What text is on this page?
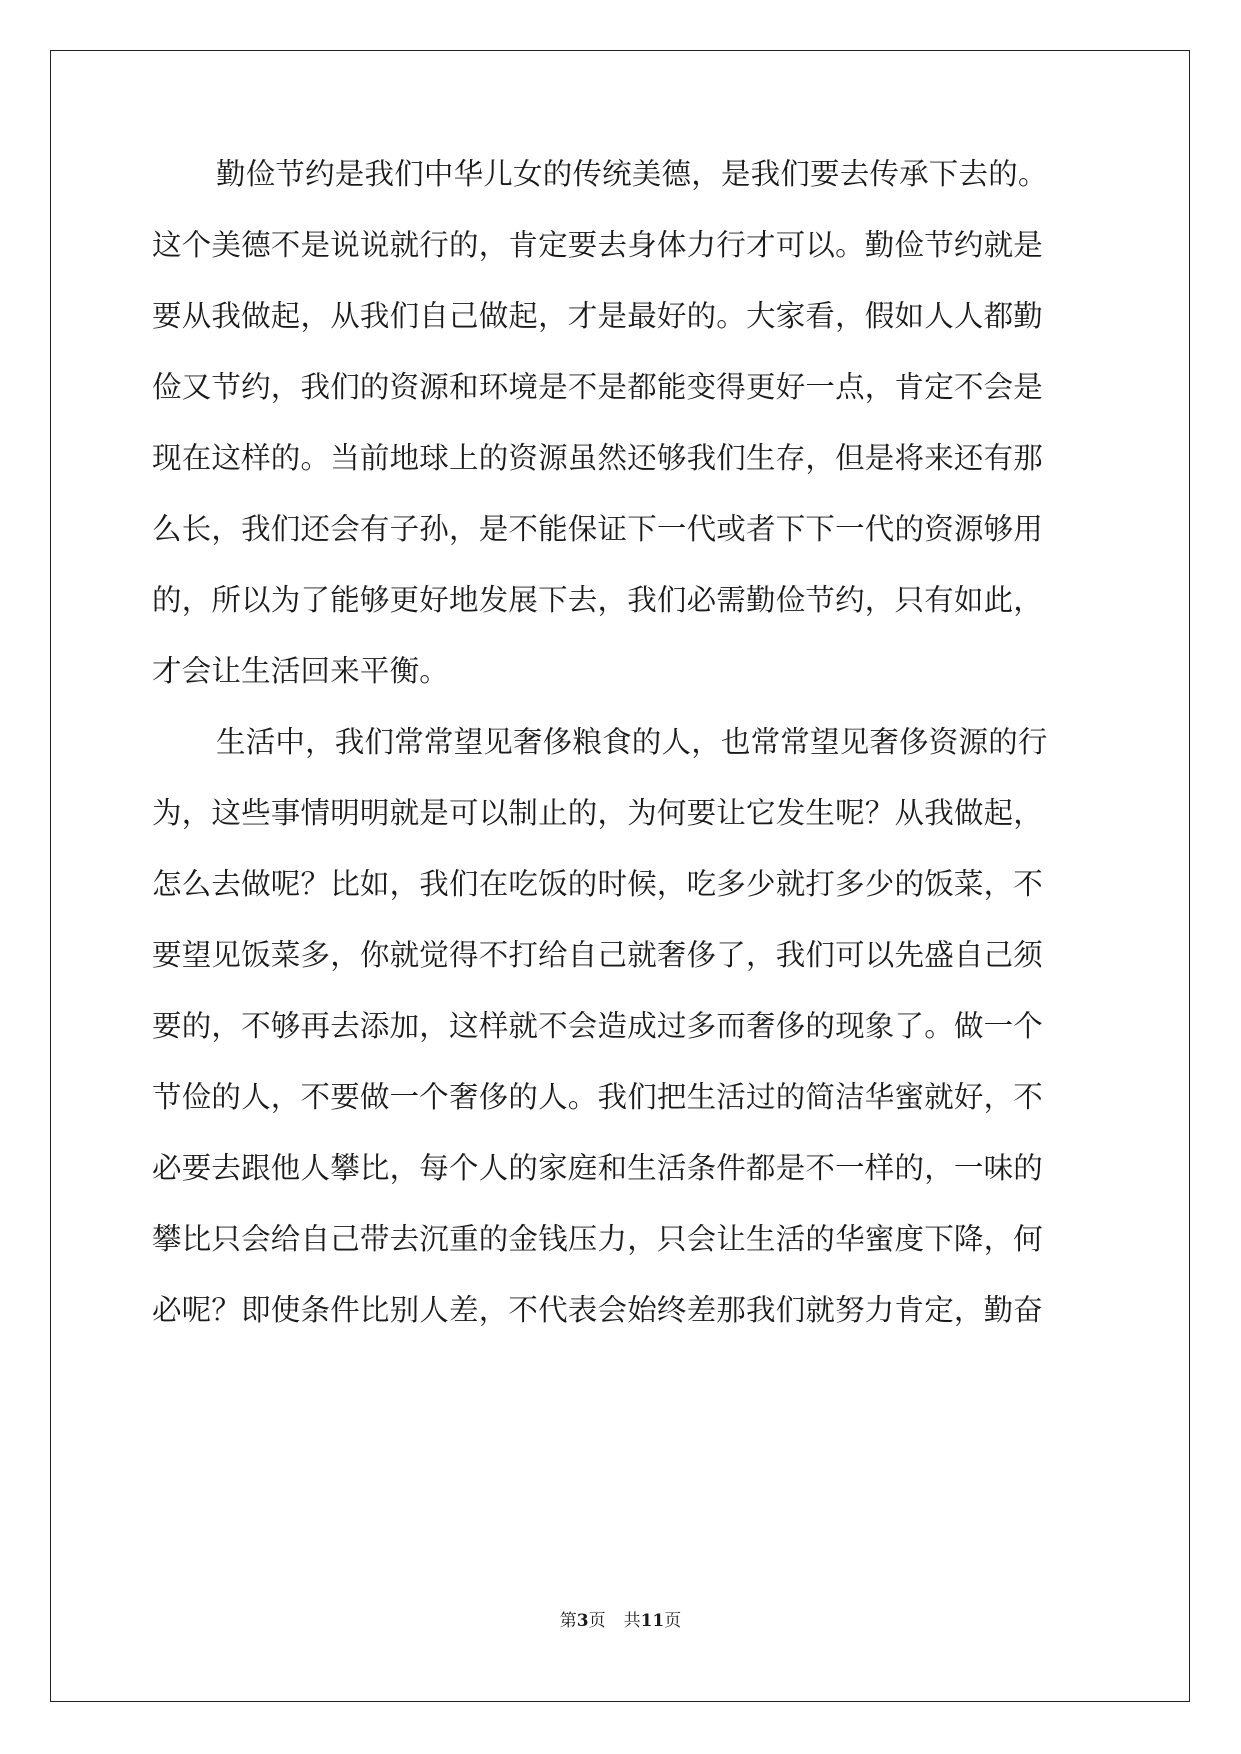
勤俭节约是我们中华儿女的传统美德，是我们要去传承下去的。
这个美德不是说说就行的，肯定要去身体力行才可以。勤俭节约就是
要从我做起，从我们自己做起，才是最好的。大家看，假如人人都勤
俭又节约，我们的资源和环境是不是都能变得更好一点，肯定不会是
现在这样的。当前地球上的资源虽然还够我们生存，但是将来还有那
么长，我们还会有子孙，是不能保证下一代或者下下一代的资源够用
的，所以为了能够更好地发展下去，我们必需勤俭节约，只有如此，
才会让生活回来平衡。
生活中，我们常常望见奢侈粮食的人，也常常望见奢侈资源的行
为，这些事情明明就是可以制止的，为何要让它发生呢？从我做起，
怎么去做呢？比如，我们在吃饭的时候，吃多少就打多少的饭菜，不
要望见饭菜多，你就觉得不打给自己就奢侈了，我们可以先盛自己须
要的，不够再去添加，这样就不会造成过多而奢侈的现象了。做一个
节俭的人，不要做一个奢侈的人。我们把生活过的简洁华蜜就好，不
必要去跟他人攀比，每个人的家庭和生活条件都是不一样的，一味的
攀比只会给自己带去沉重的金钱压力，只会让生活的华蜜度下降，何
必呢？即使条件比别人差，不代表会始终差那我们就努力肯定，勤奋
第3页 共11页
